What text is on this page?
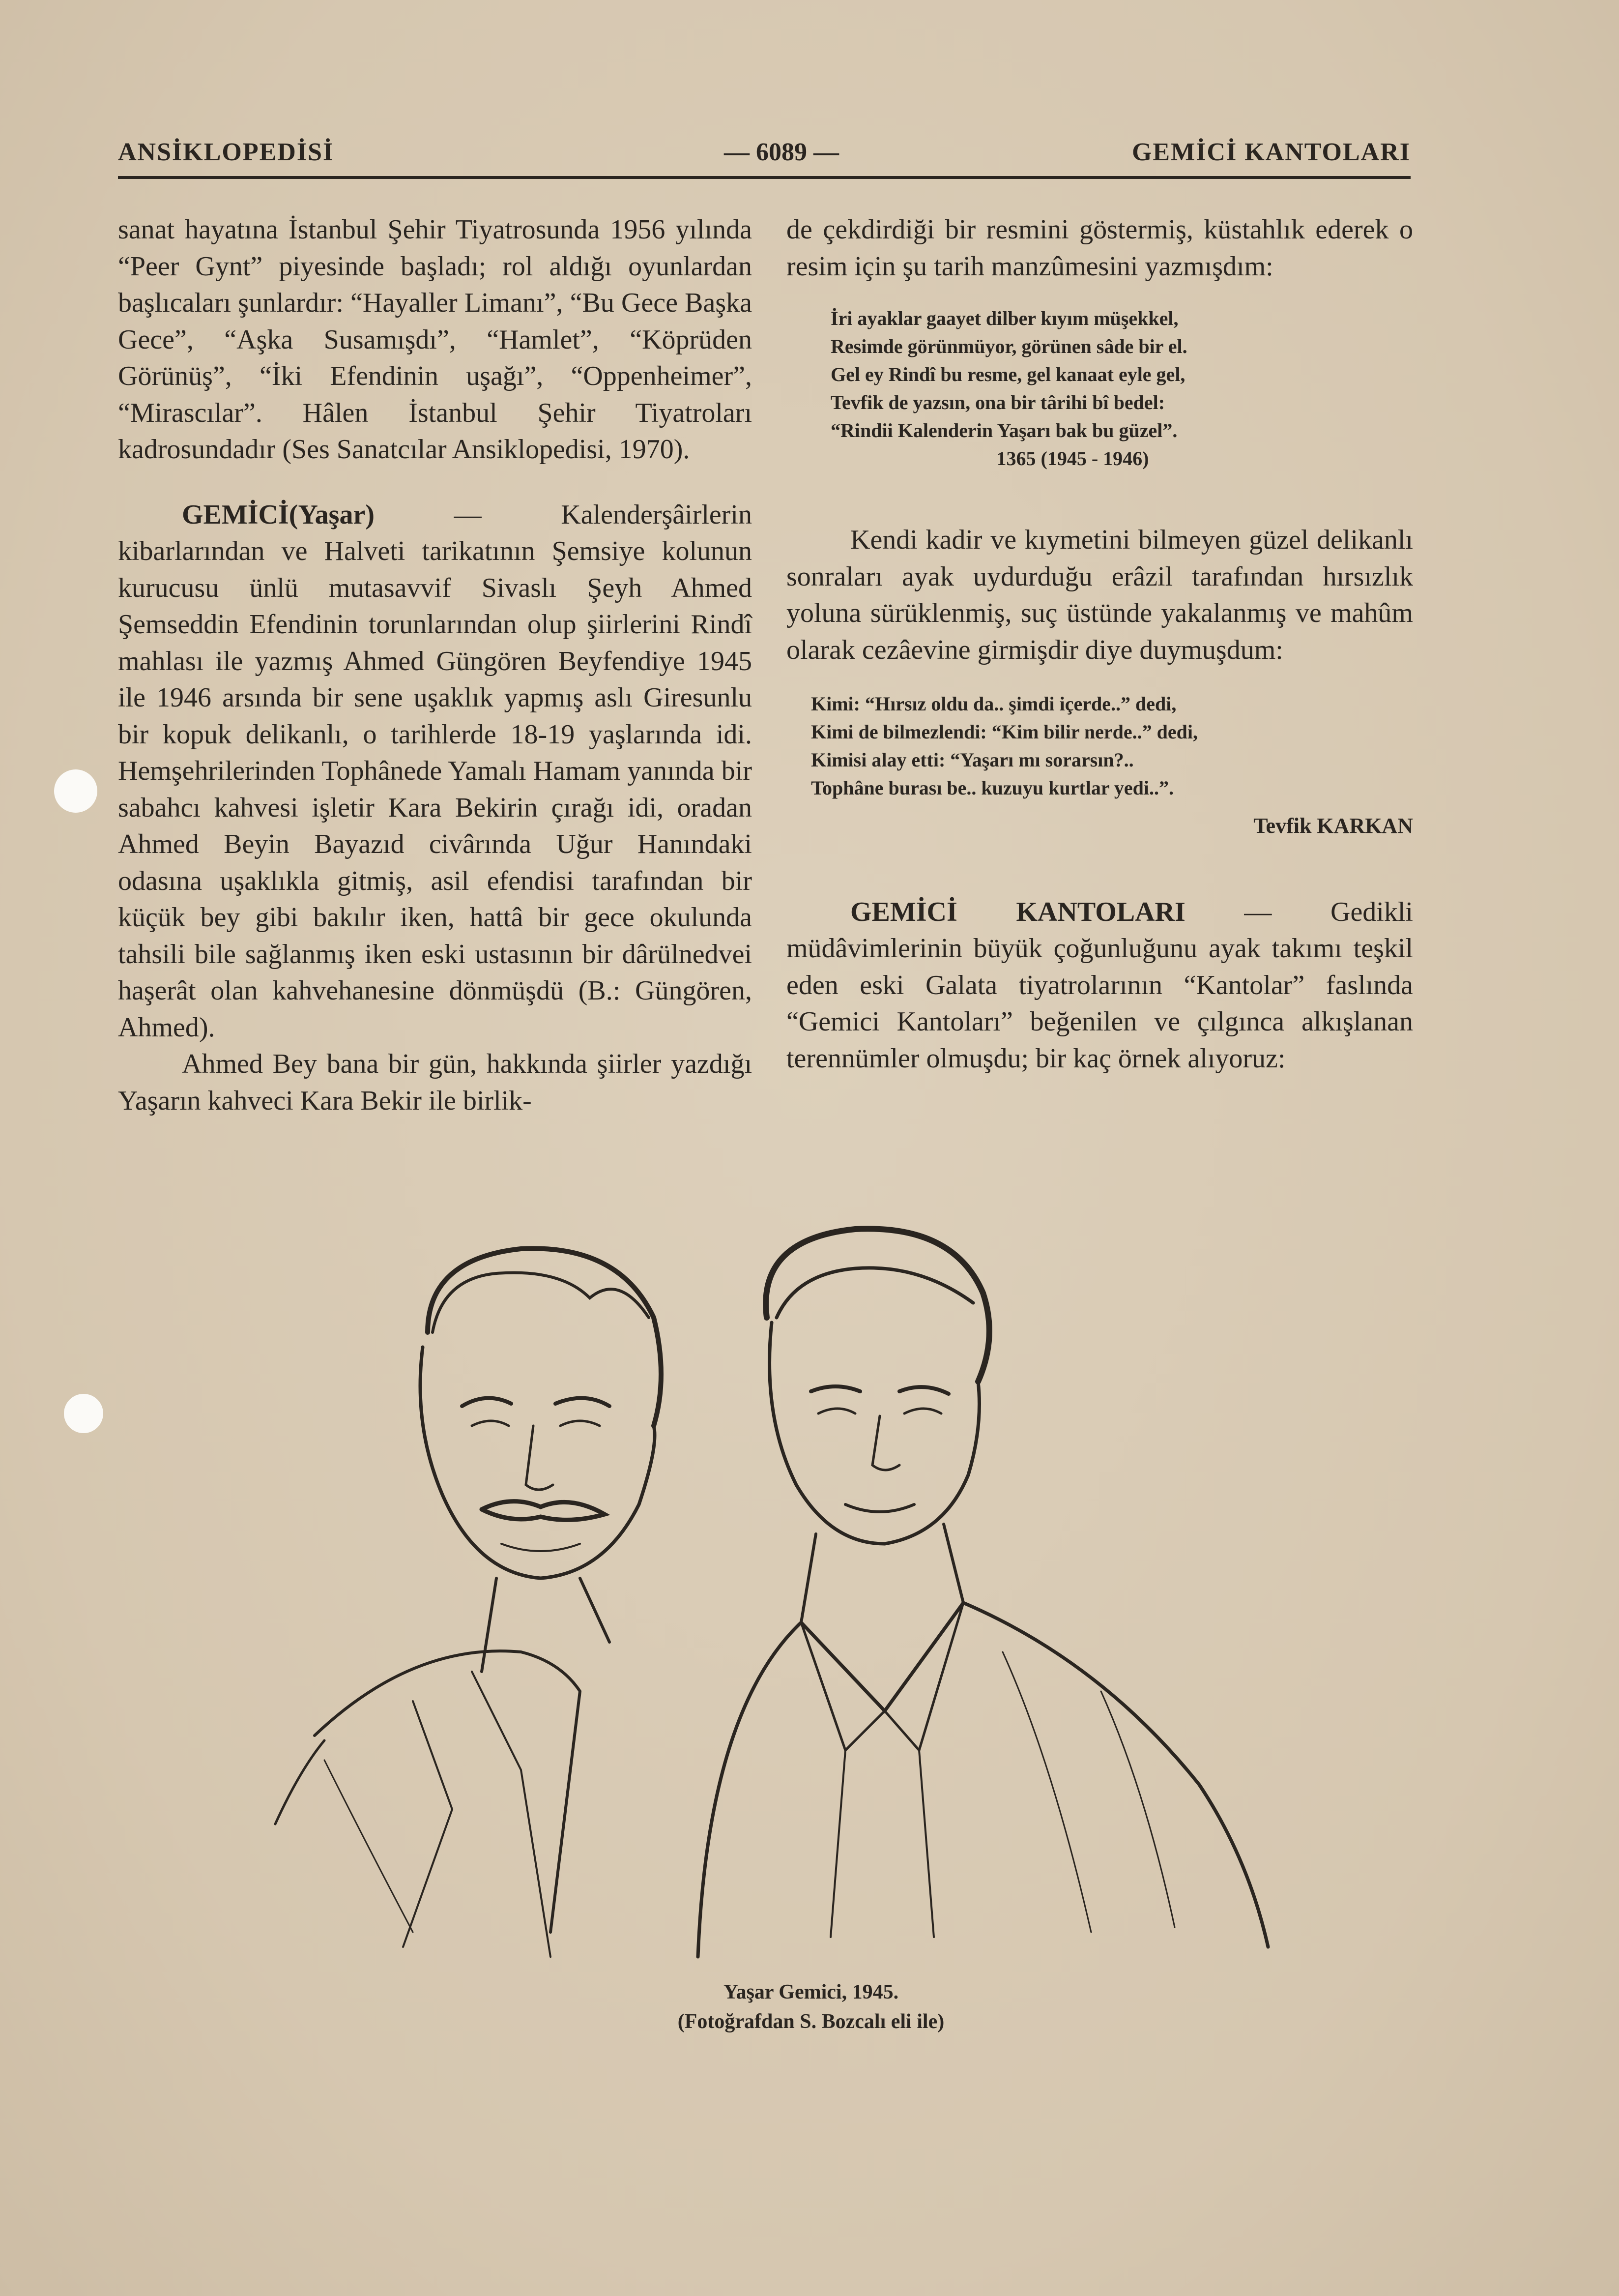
ANSİKLOPEDİSİ	— 6089 —	GEMİCİ KANTOLARI

sanat hayatına İstanbul Şehir Tiyatrosunda 1956 yılında “Peer Gynt” piyesinde başladı; rol aldığı oyunlardan başlıcaları şunlardır: “Hayaller Limanı”, “Bu Gece Başka Gece”, “Aşka Susamışdı”, “Hamlet”, “Köprüden Görünüş”, “İki Efendinin uşağı”, “Oppenheimer”, “Mirascılar”. Hâlen İstanbul Şehir Tiyatroları kadrosundadır (Ses Sanatcılar Ansiklopedisi, 1970).

GEMİCİ(Yaşar) — Kalenderşâirlerin kibarlarından ve Halveti tarikatının Şemsiye kolunun kurucusu ünlü mutasavvif Sivaslı Şeyh Ahmed Şemseddin Efendinin torunlarından olup şiirlerini Rindî mahlası ile yazmış Ahmed Güngören Beyfendiye 1945 ile 1946 arsında bir sene uşaklık yapmış aslı Giresunlu bir kopuk delikanlı, o tarihlerde 18-19 yaşlarında idi. Hemşehrilerinden Tophânede Yamalı Hamam yanında bir sabahcı kahvesi işletir Kara Bekirin çırağı idi, oradan Ahmed Beyin Bayazıd civârında Uğur Hanındaki odasına uşaklıkla gitmiş, asil efendisi tarafından bir küçük bey gibi bakılır iken, hattâ bir gece okulunda tahsili bile sağlanmış iken eski ustasının bir dârülnedvei haşerât olan kahvehanesine dönmüşdü (B.: Güngören, Ahmed).

Ahmed Bey bana bir gün, hakkında şiirler yazdığı Yaşarın kahveci Kara Bekir ile birlik-

de çekdirdiği bir resmini göstermiş, küstahlık ederek o resim için şu tarih manzûmesini yazmışdım:

İri ayaklar gaayet dilber kıyım müşekkel,
Resimde görünmüyor, görünen sâde bir el.
Gel ey Rindî bu resme, gel kanaat eyle gel,
Tevfik de yazsın, ona bir târihi bî bedel:
“Rindii Kalenderin Yaşarı bak bu güzel”.
1365 (1945 - 1946)

Kendi kadir ve kıymetini bilmeyen güzel delikanlı sonraları ayak uydurduğu erâzil tarafından hırsızlık yoluna sürüklenmiş, suç üstünde yakalanmış ve mahûm olarak cezâevine girmişdir diye duymuşdum:

Kimi: “Hırsız oldu da.. şimdi içerde..” dedi,
Kimi de bilmezlendi: “Kim bilir nerde..” dedi,
Kimisi alay etti: “Yaşarı mı sorarsın?..
Tophâne burası be.. kuzuyu kurtlar yedi..”.
Tevfik KARKAN

GEMİCİ KANTOLARI — Gedikli müdâvimlerinin büyük çoğunluğunu ayak takımı teşkil eden eski Galata tiyatrolarının “Kantolar” faslında “Gemici Kantoları” beğenilen ve çılgınca alkışlanan terennümler olmuşdu; bir kaç örnek alıyoruz:

Yaşar Gemici, 1945.
(Fotoğrafdan S. Bozcalı eli ile)
